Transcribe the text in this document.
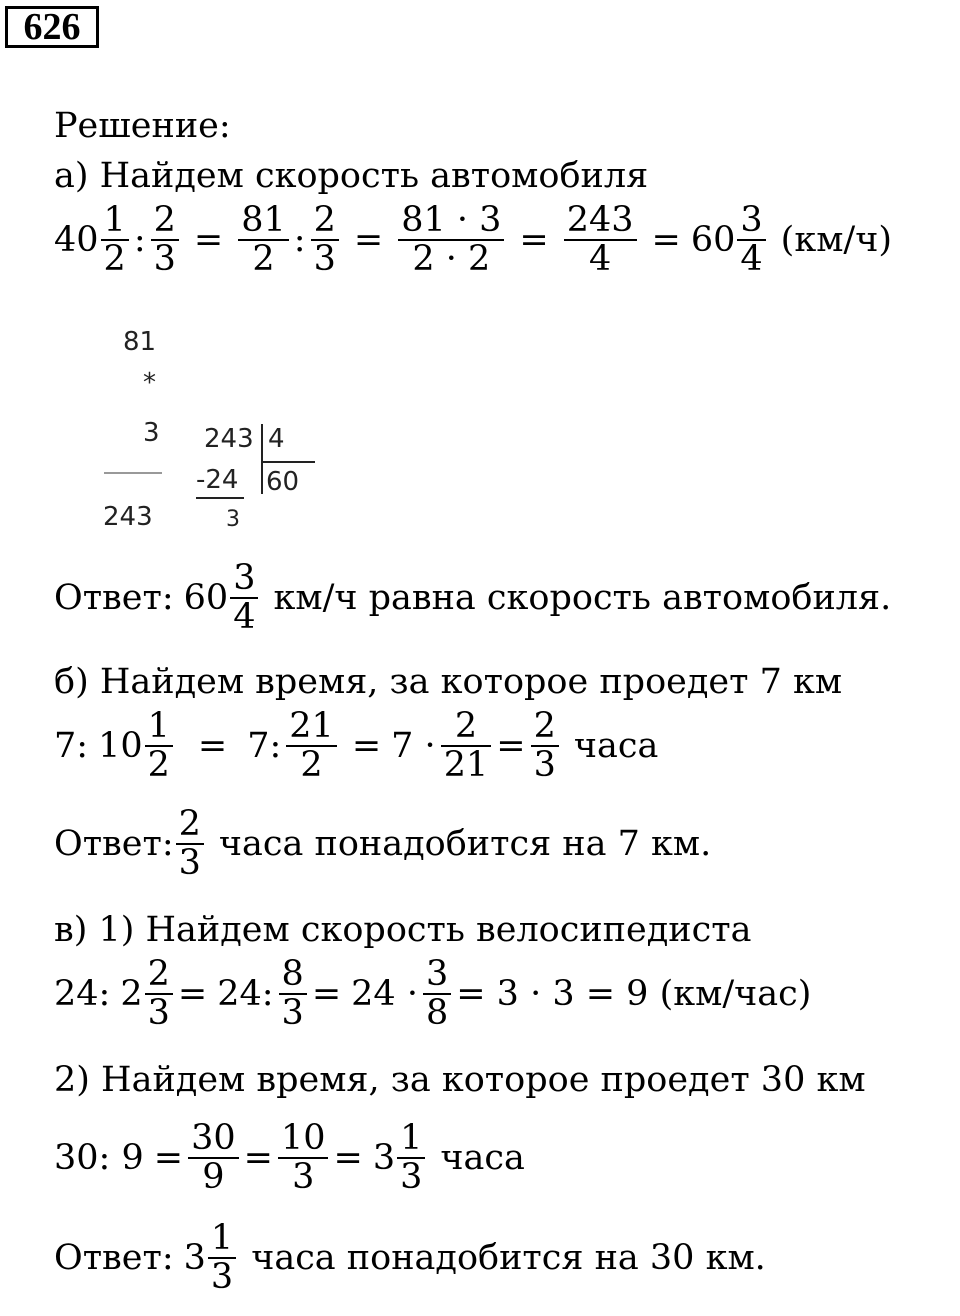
626
Решение:
а) Найдем скорость автомобиля
$40 \frac{1}{2}$ : $\frac{2}{3} = \frac{81}{2}$ : $\frac{2}{3} = \frac{81 \cdot 3}{2 \cdot 2} = \frac{243}{4} = 60 \frac{3}{4} (км/ч)$
81
*
3
243
243 4
-24 60
3
Ответ: $60 \frac{3}{4} км/ч$ равна скорость автомобиля.
б) Найдем время, за которое проедет 7 км
7: $10 \frac{1}{2} = 7$: $\frac{21}{2} = 7 \cdot \frac{2}{21} = \frac{2}{3}$ часа
Ответ: $\frac{2}{3}$ часа понадобится на 7 км.
в) 1) Найдем скорость велосипедиста
24: $2 \frac{2}{3} = 24$: $\frac{8}{3} = 24 \cdot \frac{3}{8} = 3 \cdot 3 = 9$ (км/час)
2) Найдем время, за которое проедет 30 км
30: $9 = \frac{30}{9} = \frac{10}{3} = 3 \frac{1}{3}$ часа
Ответ: $3 \frac{1}{3}$ часа понадобится на 30 км.
